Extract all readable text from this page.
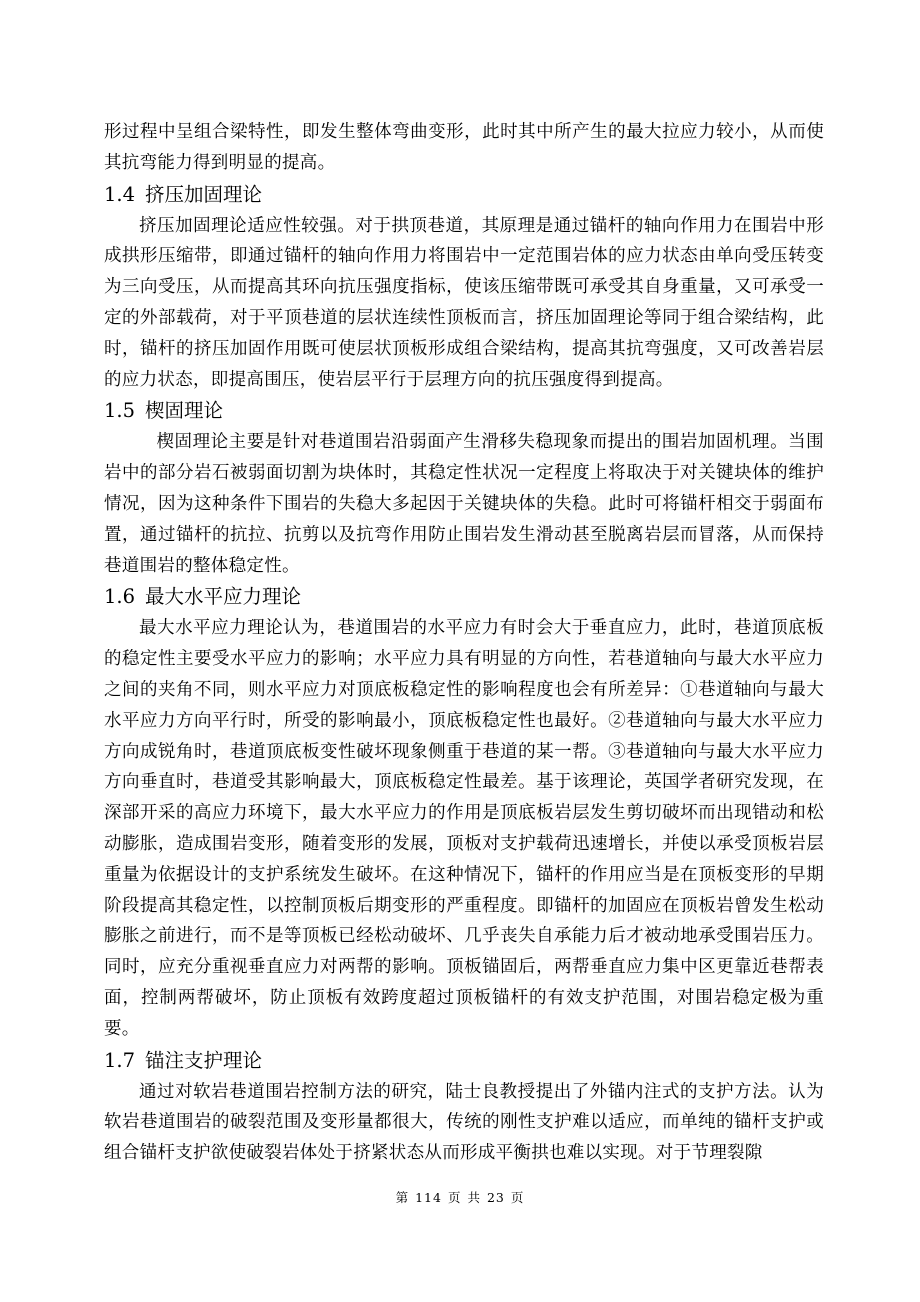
形过程中呈组合梁特性，即发生整体弯曲变形，此时其中所产生的最大拉应力较小，从而使其抗弯能力得到明显的提高。

1.4 挤压加固理论

挤压加固理论适应性较强。对于拱顶巷道，其原理是通过锚杆的轴向作用力在围岩中形成拱形压缩带，即通过锚杆的轴向作用力将围岩中一定范围岩体的应力状态由单向受压转变为三向受压，从而提高其环向抗压强度指标，使该压缩带既可承受其自身重量，又可承受一定的外部载荷，对于平顶巷道的层状连续性顶板而言，挤压加固理论等同于组合梁结构，此时，锚杆的挤压加固作用既可使层状顶板形成组合梁结构，提高其抗弯强度，又可改善岩层的应力状态，即提高围压，使岩层平行于层理方向的抗压强度得到提高。

1.5 楔固理论

楔固理论主要是针对巷道围岩沿弱面产生滑移失稳现象而提出的围岩加固机理。当围岩中的部分岩石被弱面切割为块体时，其稳定性状况一定程度上将取决于对关键块体的维护情况，因为这种条件下围岩的失稳大多起因于关键块体的失稳。此时可将锚杆相交于弱面布置，通过锚杆的抗拉、抗剪以及抗弯作用防止围岩发生滑动甚至脱离岩层而冒落，从而保持巷道围岩的整体稳定性。

1.6 最大水平应力理论

最大水平应力理论认为，巷道围岩的水平应力有时会大于垂直应力，此时，巷道顶底板的稳定性主要受水平应力的影响；水平应力具有明显的方向性，若巷道轴向与最大水平应力之间的夹角不同，则水平应力对顶底板稳定性的影响程度也会有所差异：①巷道轴向与最大水平应力方向平行时，所受的影响最小，顶底板稳定性也最好。②巷道轴向与最大水平应力方向成锐角时，巷道顶底板变性破坏现象侧重于巷道的某一帮。③巷道轴向与最大水平应力方向垂直时，巷道受其影响最大，顶底板稳定性最差。基于该理论，英国学者研究发现，在深部开采的高应力环境下，最大水平应力的作用是顶底板岩层发生剪切破坏而出现错动和松动膨胀，造成围岩变形，随着变形的发展，顶板对支护载荷迅速增长，并使以承受顶板岩层重量为依据设计的支护系统发生破坏。在这种情况下，锚杆的作用应当是在顶板变形的早期阶段提高其稳定性，以控制顶板后期变形的严重程度。即锚杆的加固应在顶板岩曾发生松动膨胀之前进行，而不是等顶板已经松动破坏、几乎丧失自承能力后才被动地承受围岩压力。同时，应充分重视垂直应力对两帮的影响。顶板锚固后，两帮垂直应力集中区更靠近巷帮表面，控制两帮破坏，防止顶板有效跨度超过顶板锚杆的有效支护范围，对围岩稳定极为重要。

1.7 锚注支护理论

通过对软岩巷道围岩控制方法的研究，陆士良教授提出了外锚内注式的支护方法。认为软岩巷道围岩的破裂范围及变形量都很大，传统的刚性支护难以适应，而单纯的锚杆支护或组合锚杆支护欲使破裂岩体处于挤紧状态从而形成平衡拱也难以实现。对于节理裂隙

第 114 页 共 23 页
